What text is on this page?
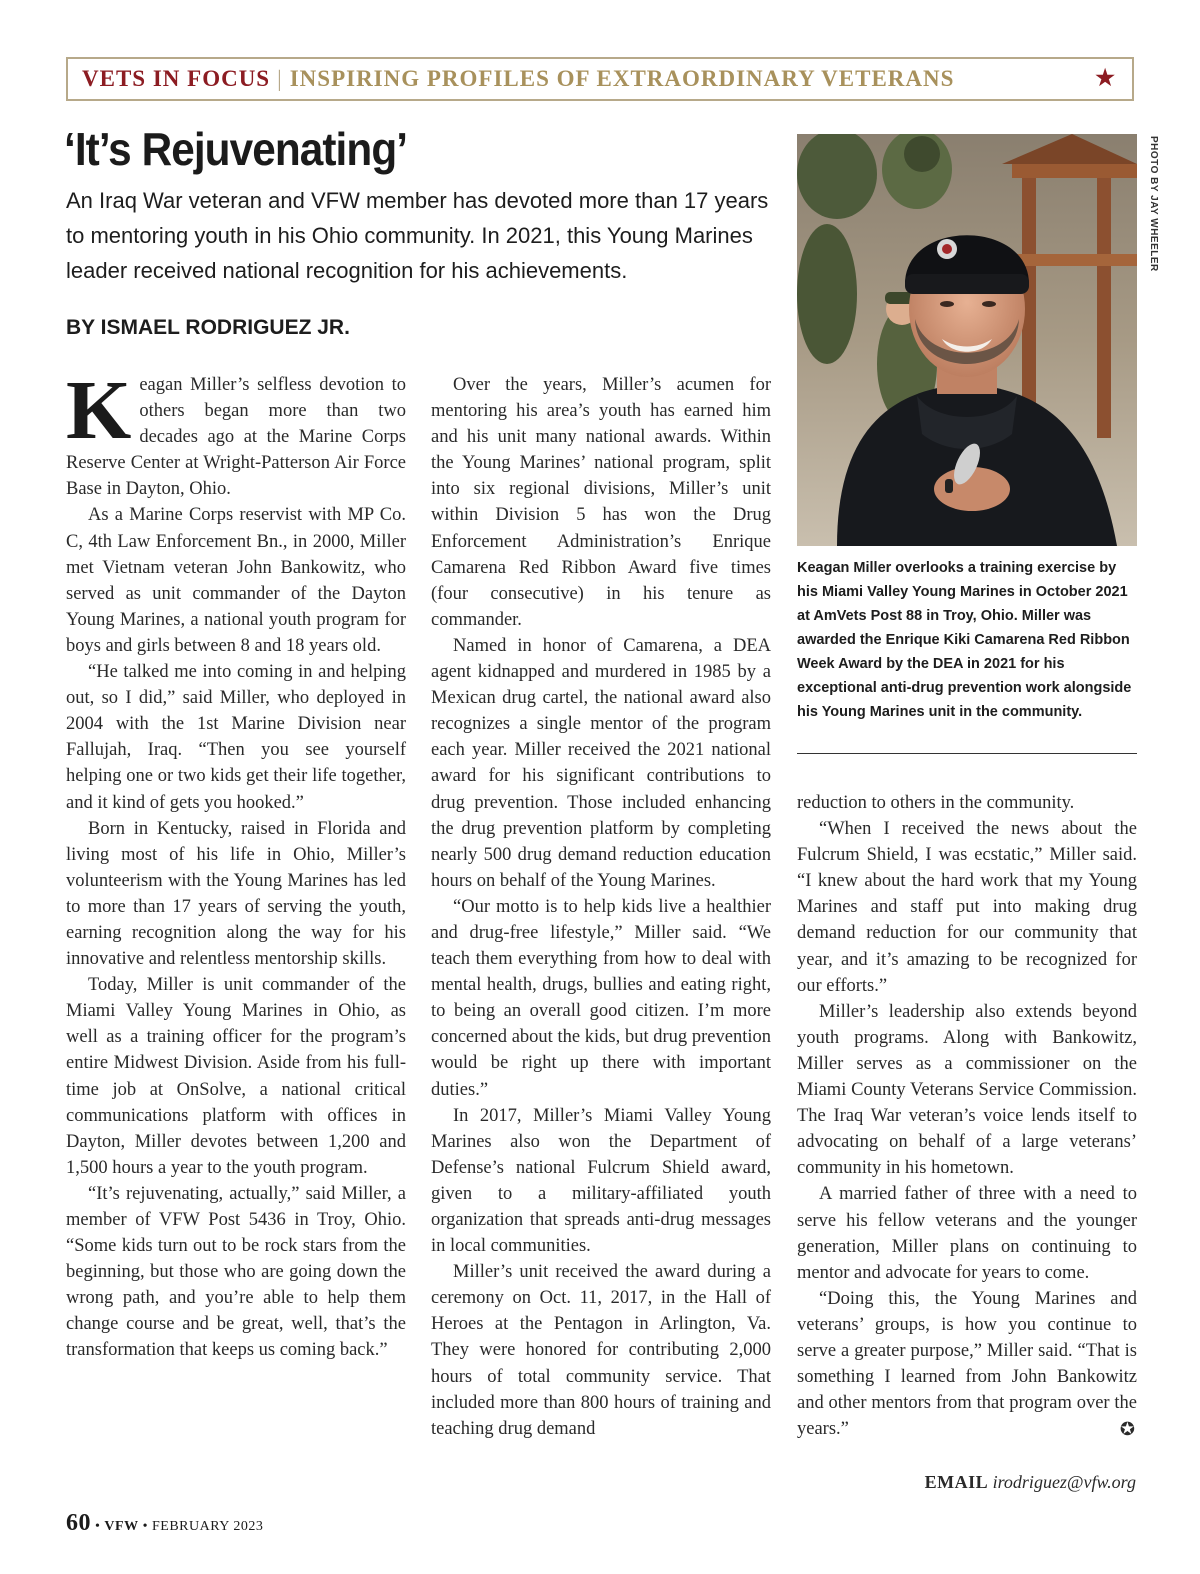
VETS IN FOCUS | INSPIRING PROFILES OF EXTRAORDINARY VETERANS	★
‘It’s Rejuvenating’

An Iraq War veteran and VFW member has devoted more than 17 years to mentoring youth in his Ohio community. In 2021, this Young Marines leader received national recognition for his achievements.

BY ISMAEL RODRIGUEZ JR.

Keagan Miller’s selfless devotion to others began more than two decades ago at the Marine Corps Reserve Center at Wright-Patterson Air Force Base in Dayton, Ohio.

As a Marine Corps reservist with MP Co. C, 4th Law Enforcement Bn., in 2000, Miller met Vietnam veteran John Bankowitz, who served as unit commander of the Dayton Young Marines, a national youth program for boys and girls between 8 and 18 years old.

“He talked me into coming in and helping out, so I did,” said Miller, who deployed in 2004 with the 1st Marine Division near Fallujah, Iraq. “Then you see yourself helping one or two kids get their life together, and it kind of gets you hooked.”

Born in Kentucky, raised in Florida and living most of his life in Ohio, Miller’s volunteerism with the Young Marines has led to more than 17 years of serving the youth, earning recognition along the way for his innovative and relentless mentorship skills.

Today, Miller is unit commander of the Miami Valley Young Marines in Ohio, as well as a training officer for the program’s entire Midwest Division. Aside from his full-time job at OnSolve, a national critical communications platform with offices in Dayton, Miller devotes between 1,200 and 1,500 hours a year to the youth program.

“It’s rejuvenating, actually,” said Miller, a member of VFW Post 5436 in Troy, Ohio. “Some kids turn out to be rock stars from the beginning, but those who are going down the wrong path, and you’re able to help them change course and be great, well, that’s the transformation that keeps us coming back.”

Over the years, Miller’s acumen for mentoring his area’s youth has earned him and his unit many national awards. Within the Young Marines’ national program, split into six regional divisions, Miller’s unit within Division 5 has won the Drug Enforcement Administration’s Enrique Camarena Red Ribbon Award five times (four consecutive) in his tenure as commander.

Named in honor of Camarena, a DEA agent kidnapped and murdered in 1985 by a Mexican drug cartel, the national award also recognizes a single mentor of the program each year. Miller received the 2021 national award for his significant contributions to drug prevention. Those included enhancing the drug prevention platform by completing nearly 500 drug demand reduction education hours on behalf of the Young Marines.

“Our motto is to help kids live a healthier and drug-free lifestyle,” Miller said. “We teach them everything from how to deal with mental health, drugs, bullies and eating right, to being an overall good citizen. I’m more concerned about the kids, but drug prevention would be right up there with important duties.”

In 2017, Miller’s Miami Valley Young Marines also won the Department of Defense’s national Fulcrum Shield award, given to a military-affiliated youth organization that spreads anti-drug messages in local communities.

Miller’s unit received the award during a ceremony on Oct. 11, 2017, in the Hall of Heroes at the Pentagon in Arlington, Va. They were honored for contributing 2,000 hours of total community service. That included more than 800 hours of training and teaching drug demand

PHOTO BY JAY WHEELER

Keagan Miller overlooks a training exercise by his Miami Valley Young Marines in October 2021 at AmVets Post 88 in Troy, Ohio. Miller was awarded the Enrique Kiki Camarena Red Ribbon Week Award by the DEA in 2021 for his exceptional anti-drug prevention work alongside his Young Marines unit in the community.

reduction to others in the community.

“When I received the news about the Fulcrum Shield, I was ecstatic,” Miller said. “I knew about the hard work that my Young Marines and staff put into making drug demand reduction for our community that year, and it’s amazing to be recognized for our efforts.”

Miller’s leadership also extends beyond youth programs. Along with Bankowitz, Miller serves as a commissioner on the Miami County Veterans Service Commission. The Iraq War veteran’s voice lends itself to advocating on behalf of a large veterans’ community in his hometown.

A married father of three with a need to serve his fellow veterans and the younger generation, Miller plans on continuing to mentor and advocate for years to come.

“Doing this, the Young Marines and veterans’ groups, is how you continue to serve a greater purpose,” Miller said. “That is something I learned from John Bankowitz and other mentors from that program over the years.”	✪

EMAIL irodriguez@vfw.org
60 • VFW • FEBRUARY 2023
